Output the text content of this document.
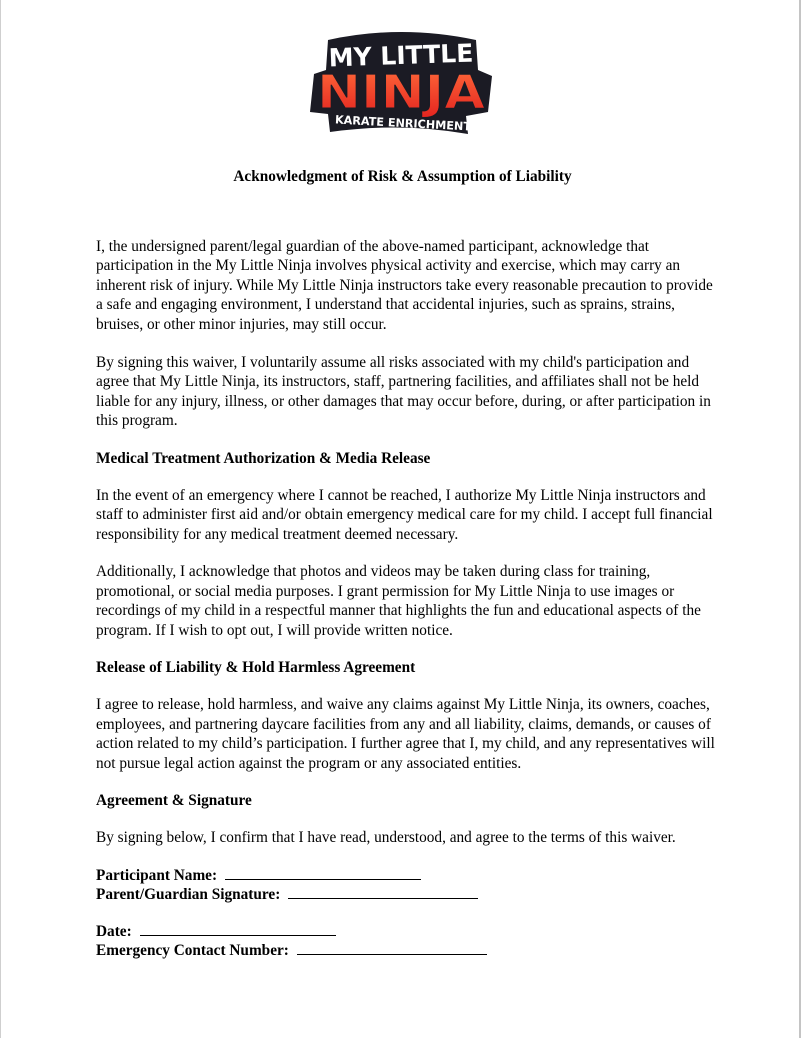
MY LITTLE
NINJA
KARATE ENRICHMENT
Acknowledgment of Risk & Assumption of Liability

I, the undersigned parent/legal guardian of the above-named participant, acknowledge that participation in the My Little Ninja involves physical activity and exercise, which may carry an inherent risk of injury. While My Little Ninja instructors take every reasonable precaution to provide a safe and engaging environment, I understand that accidental injuries, such as sprains, strains, bruises, or other minor injuries, may still occur.

By signing this waiver, I voluntarily assume all risks associated with my child's participation and agree that My Little Ninja, its instructors, staff, partnering facilities, and affiliates shall not be held liable for any injury, illness, or other damages that may occur before, during, or after participation in this program.

Medical Treatment Authorization & Media Release

In the event of an emergency where I cannot be reached, I authorize My Little Ninja instructors and staff to administer first aid and/or obtain emergency medical care for my child. I accept full financial responsibility for any medical treatment deemed necessary.

Additionally, I acknowledge that photos and videos may be taken during class for training, promotional, or social media purposes. I grant permission for My Little Ninja to use images or recordings of my child in a respectful manner that highlights the fun and educational aspects of the program. If I wish to opt out, I will provide written notice.

Release of Liability & Hold Harmless Agreement

I agree to release, hold harmless, and waive any claims against My Little Ninja, its owners, coaches, employees, and partnering daycare facilities from any and all liability, claims, demands, or causes of action related to my child’s participation. I further agree that I, my child, and any representatives will not pursue legal action against the program or any associated entities.

Agreement & Signature

By signing below, I confirm that I have read, understood, and agree to the terms of this waiver.

Participant Name:
Parent/Guardian Signature:
Date:
Emergency Contact Number:
